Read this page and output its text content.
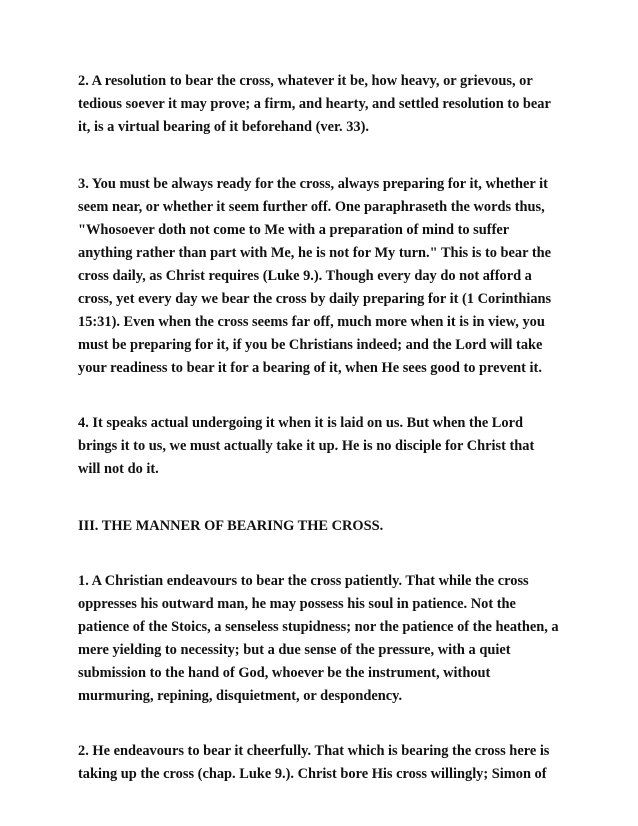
2. A resolution to bear the cross, whatever it be, how heavy, or grievous, or

tedious soever it may prove; a firm, and hearty, and settled resolution to bear

it, is a virtual bearing of it beforehand (ver. 33).

3. You must be always ready for the cross, always preparing for it, whether it

seem near, or whether it seem further off. One paraphraseth the words thus,

"Whosoever doth not come to Me with a preparation of mind to suffer

anything rather than part with Me, he is not for My turn." This is to bear the

cross daily, as Christ requires (Luke 9.). Though every day do not afford a

cross, yet every day we bear the cross by daily preparing for it (1 Corinthians

15:31). Even when the cross seems far off, much more when it is in view, you

must be preparing for it, if you be Christians indeed; and the Lord will take

your readiness to bear it for a bearing of it, when He sees good to prevent it.

4. It speaks actual undergoing it when it is laid on us. But when the Lord

brings it to us, we must actually take it up. He is no disciple for Christ that

will not do it.

III. THE MANNER OF BEARING THE CROSS.

1. A Christian endeavours to bear the cross patiently. That while the cross

oppresses his outward man, he may possess his soul in patience. Not the

patience of the Stoics, a senseless stupidness; nor the patience of the heathen, a

mere yielding to necessity; but a due sense of the pressure, with a quiet

submission to the hand of God, whoever be the instrument, without

murmuring, repining, disquietment, or despondency.

2. He endeavours to bear it cheerfully. That which is bearing the cross here is

taking up the cross (chap. Luke 9.). Christ bore His cross willingly; Simon of
